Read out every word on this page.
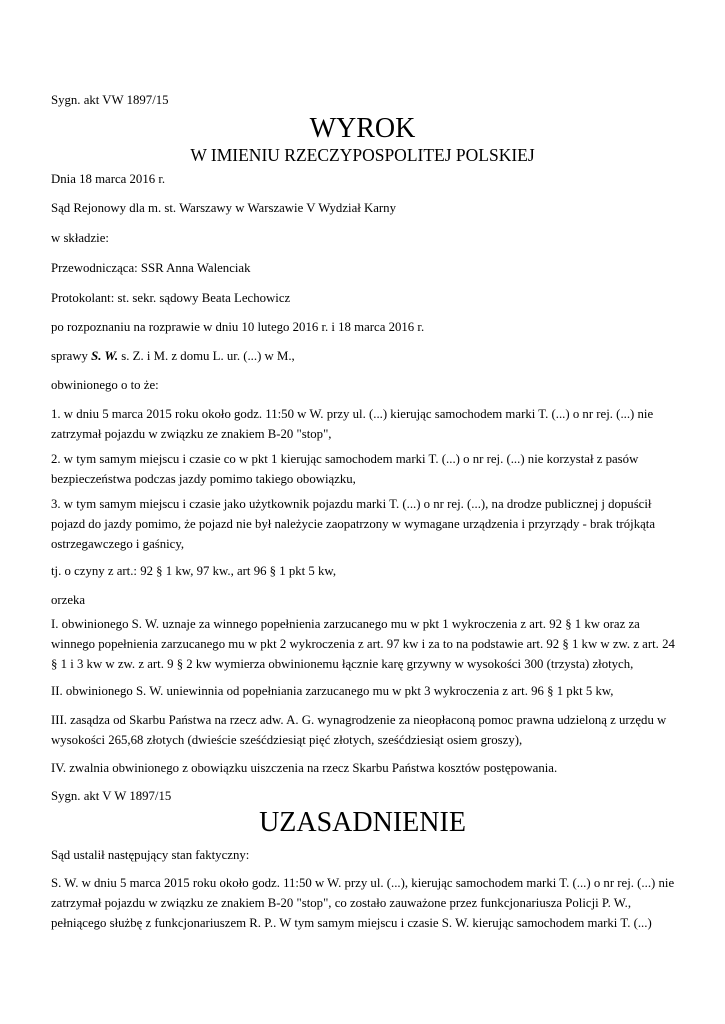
Sygn. akt VW 1897/15

WYROK
W IMIENIU RZECZYPOSPOLITEJ POLSKIEJ

Dnia 18 marca 2016 r.

Sąd Rejonowy dla m. st. Warszawy w Warszawie V Wydział Karny

w składzie:

Przewodnicząca: SSR Anna Walenciak

Protokolant: st. sekr. sądowy Beata Lechowicz

po rozpoznaniu na rozprawie w dniu 10 lutego 2016 r. i 18 marca 2016 r.

sprawy S. W. s. Z. i M. z domu L. ur. (...) w M.,

obwinionego o to że:

1. w dniu 5 marca 2015 roku około godz. 11:50 w W. przy ul. (...) kierując samochodem marki T. (...) o nr rej. (...) nie zatrzymał pojazdu w związku ze znakiem B-20 "stop",

2. w tym samym miejscu i czasie co w pkt 1 kierując samochodem marki T. (...) o nr rej. (...) nie korzystał z pasów bezpieczeństwa podczas jazdy pomimo takiego obowiązku,

3. w tym samym miejscu i czasie jako użytkownik pojazdu marki T. (...) o nr rej. (...), na drodze publicznej j dopuścił pojazd do jazdy pomimo, że pojazd nie był należycie zaopatrzony w wymagane urządzenia i przyrządy - brak trójkąta ostrzegawczego i gaśnicy,

tj. o czyny z art.: 92 § 1 kw, 97 kw., art 96 § 1 pkt 5 kw,

orzeka

I. obwinionego S. W. uznaje za winnego popełnienia zarzucanego mu w pkt 1 wykroczenia z art. 92 § 1 kw oraz za winnego popełnienia zarzucanego mu w pkt 2 wykroczenia z art. 97 kw i za to na podstawie art. 92 § 1 kw w zw. z art. 24 § 1 i 3 kw w zw. z art. 9 § 2 kw wymierza obwinionemu łącznie karę grzywny w wysokości 300 (trzysta) złotych,

II. obwinionego S. W. uniewinnia od popełniania zarzucanego mu w pkt 3 wykroczenia z art. 96 § 1 pkt 5 kw,

III. zasądza od Skarbu Państwa na rzecz adw. A. G. wynagrodzenie za nieopłaconą pomoc prawna udzieloną z urzędu w wysokości 265,68 złotych (dwieście sześćdziesiąt pięć złotych, sześćdziesiąt osiem groszy),

IV. zwalnia obwinionego z obowiązku uiszczenia na rzecz Skarbu Państwa kosztów postępowania.

Sygn. akt V W 1897/15

UZASADNIENIE

Sąd ustalił następujący stan faktyczny:

S. W. w dniu 5 marca 2015 roku około godz. 11:50 w W. przy ul. (...), kierując samochodem marki T. (...) o nr rej. (...) nie zatrzymał pojazdu w związku ze znakiem B-20 "stop", co zostało zauważone przez funkcjonariusza Policji P. W., pełniącego służbę z funkcjonariuszem R. P.. W tym samym miejscu i czasie S. W. kierując samochodem marki T. (...)
